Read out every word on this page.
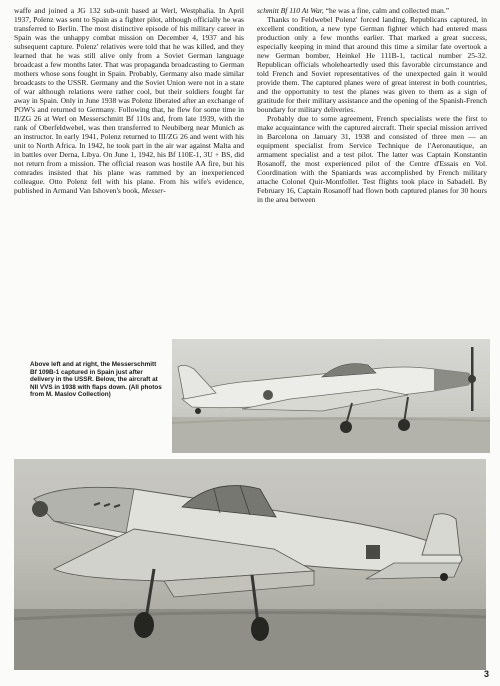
waffe and joined a JG 132 sub-unit based at Werl, Westphalia. In April 1937, Polenz was sent to Spain as a fighter pilot, although officially he was transferred to Berlin. The most distinctive episode of his military career in Spain was the unhappy combat mission on December 4, 1937 and his subsequent capture. Polenz' relatives were told that he was killed, and they learned that he was still alive only from a Soviet German language broadcast a few months later. That was propaganda broadcasting to German mothers whose sons fought in Spain. Probably, Germany also made similar broadcasts to the USSR. Germany and the Soviet Union were not in a state of war although relations were rather cool, but their soldiers fought far away in Spain. Only in June 1938 was Polenz liberated after an exchange of POW's and returned to Germany. Following that, he flew for some time in II/ZG 26 at Werl on Messerschmitt Bf 110s and, from late 1939, with the rank of Oberfeldwebel, was then transferred to Neubiberg near Munich as an instructor. In early 1941, Polenz returned to III/ZG 26 and went with his unit to North Africa. In 1942, he took part in the air war against Malta and in battles over Derna, Libya. On June 1, 1942, his Bf 110E-1, 3U + BS, did not return from a mission. The official reason was hostile AA fire, but his comrades insisted that his plane was rammed by an inexperienced colleague. Otto Polenz fell with his plane. From his wife's evidence, published in Armand Van Ishoven's book, Messer-

schmitt Bf 110 At War, “he was a fine, calm and collected man.”

Thanks to Feldwebel Polenz' forced landing, Republicans captured, in excellent condition, a new type German fighter which had entered mass production only a few months earlier. That marked a great success, especially keeping in mind that around this time a similar fate overtook a new German bomber, Heinkel He 111B-1, tactical number 25-32. Republican officials wholeheartedly used this favorable circumstance and told French and Soviet representatives of the unexpected gain it would provide them. The captured planes were of great interest in both countries, and the opportunity to test the planes was given to them as a sign of gratitude for their military assistance and the opening of the Spanish-French boundary for military deliveries.

Probably due to some agreement, French specialists were the first to make acquaintance with the captured aircraft. Their special mission arrived in Barcelona on January 31, 1938 and consisted of three men — an equipment specialist from Service Technique de l'Aeronautique, an armament specialist and a test pilot. The latter was Captain Konstantin Rosanoff, the most experienced pilot of the Centre d'Essais en Vol. Coordination with the Spaniards was accomplished by French military attache Colonel Quir-Montfollet. Test flights took place in Sabadell. By February 16, Captain Rosanoff had flown both captured planes for 30 hours in the area between

Above left and at right, the Messerschmitt Bf 109B-1 captured in Spain just after delivery in the USSR. Below, the aircraft at NII VVS in 1938 with flaps down. (All photos from M. Maslov Collection)
3
